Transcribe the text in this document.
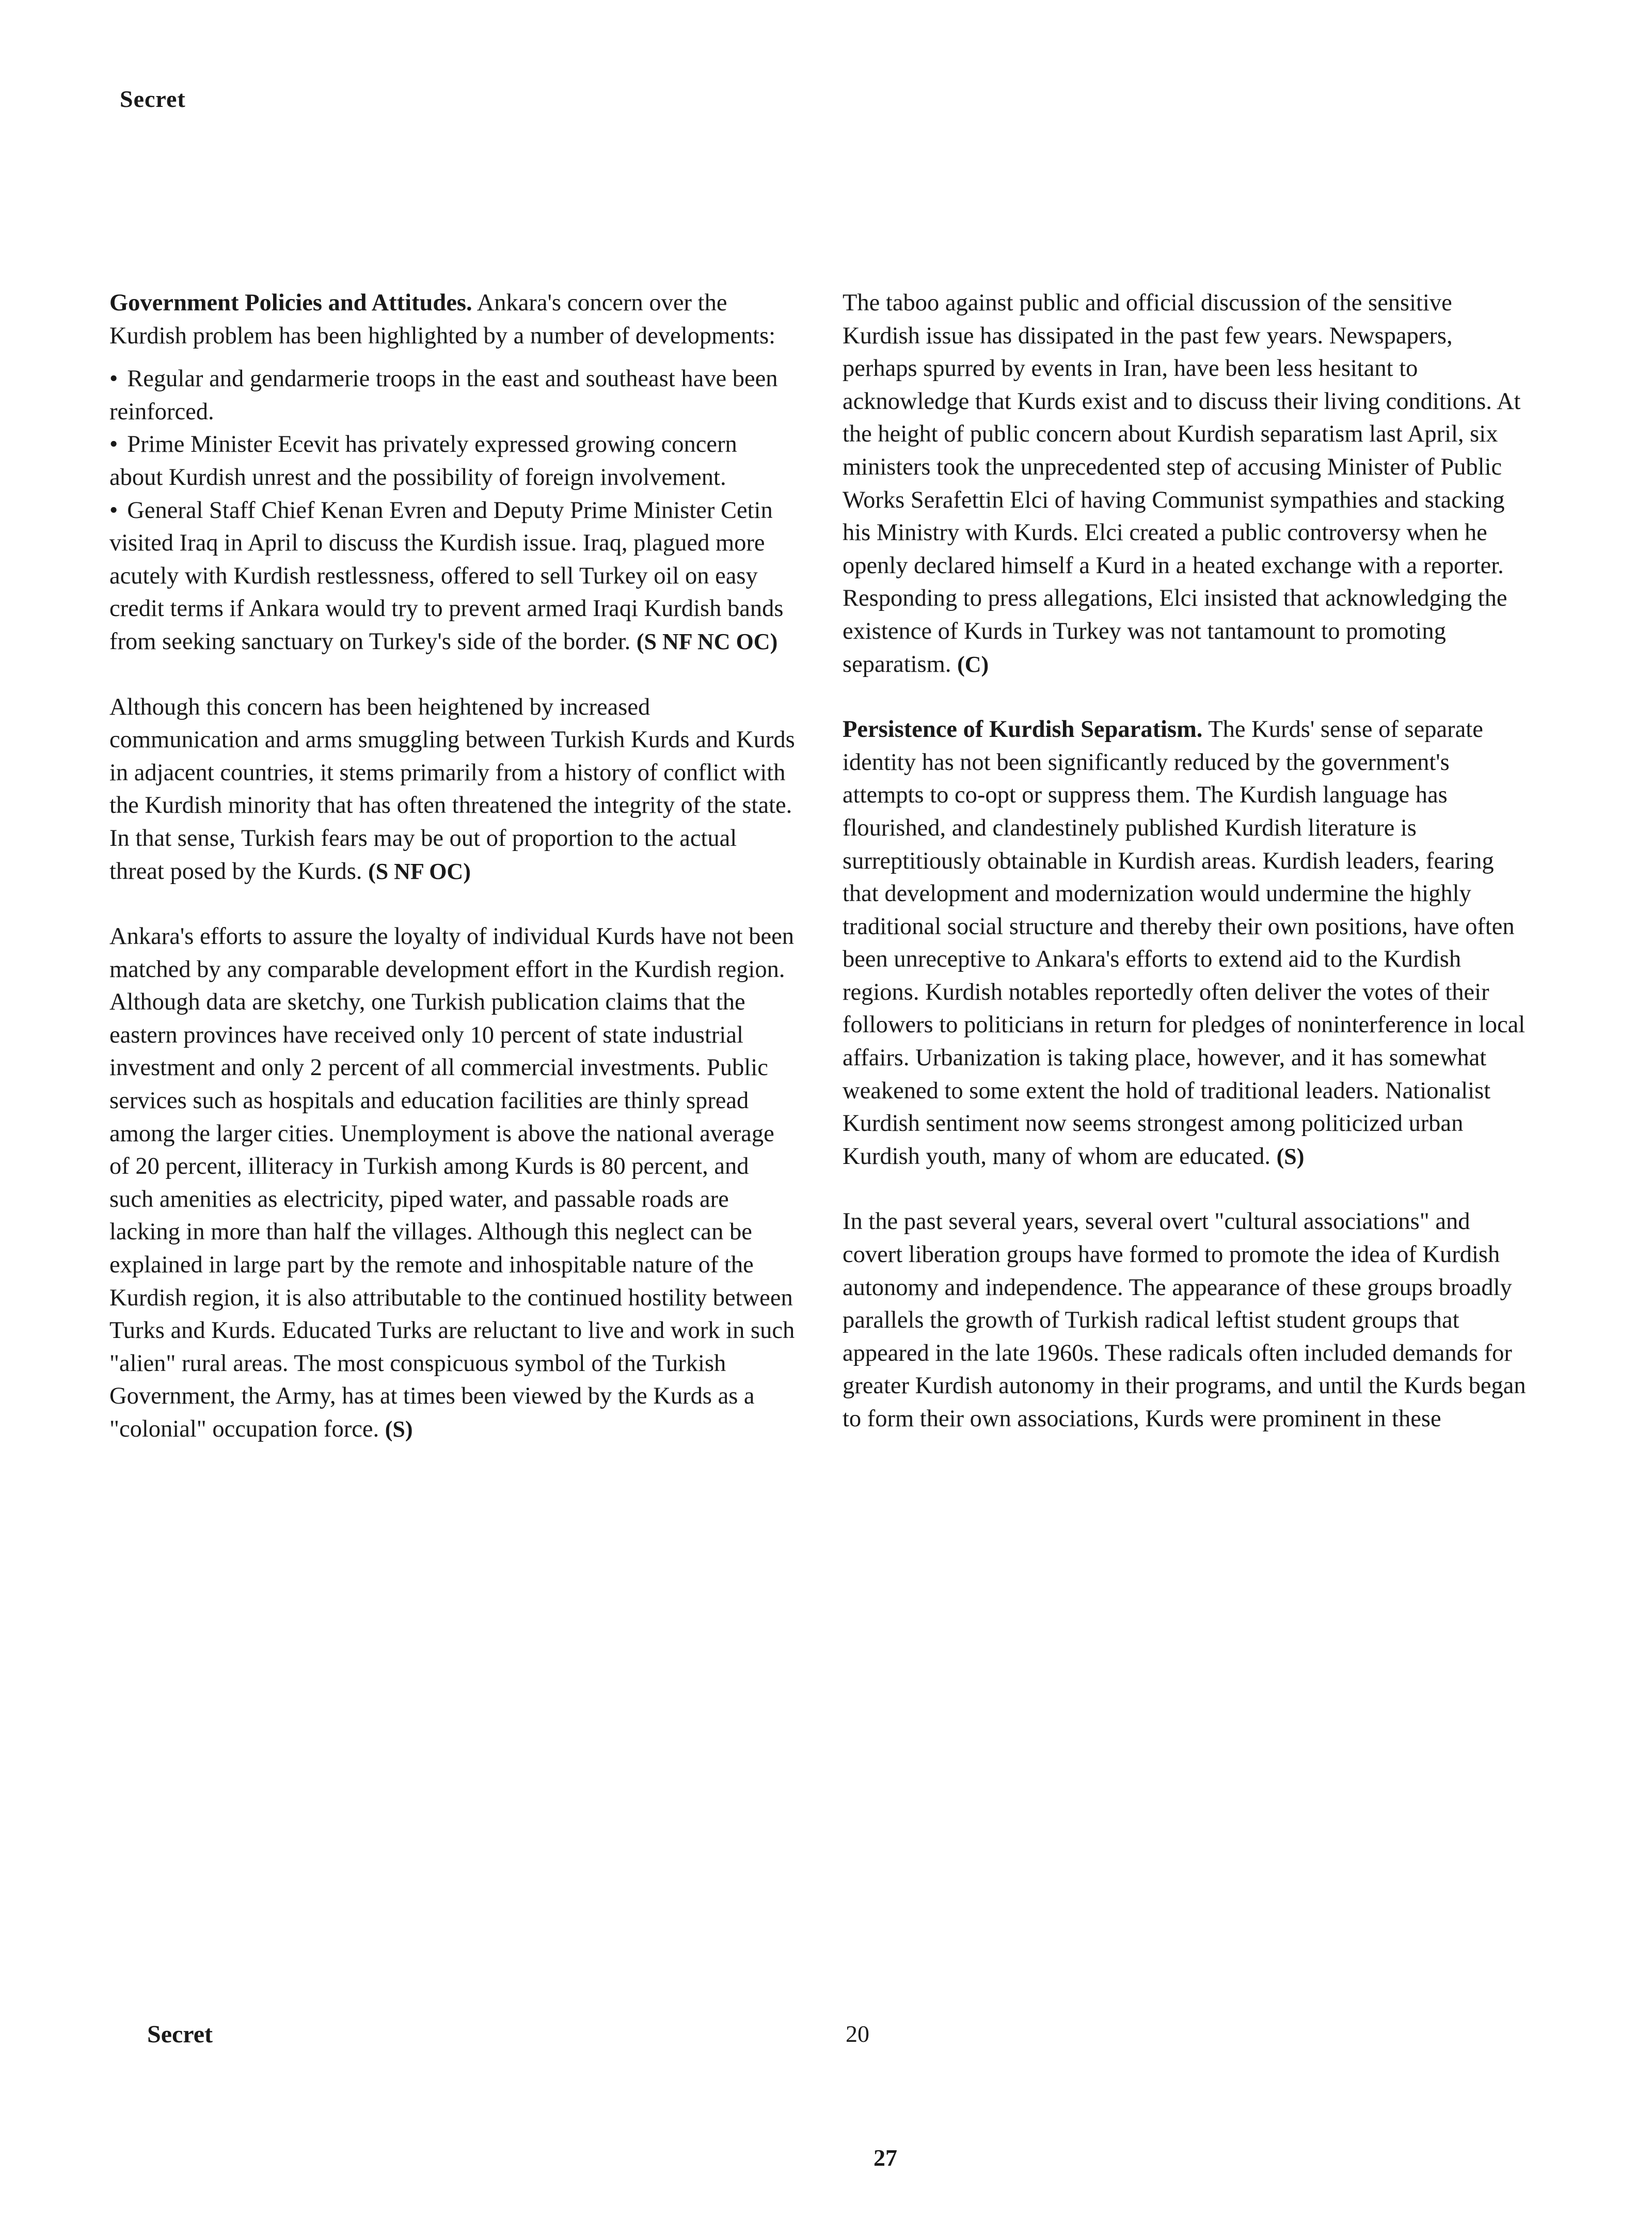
Secret

Government Policies and Attitudes. Ankara's concern over the Kurdish problem has been highlighted by a number of developments:

• Regular and gendarmerie troops in the east and southeast have been reinforced.
• Prime Minister Ecevit has privately expressed growing concern about Kurdish unrest and the possibility of foreign involvement.
• General Staff Chief Kenan Evren and Deputy Prime Minister Cetin visited Iraq in April to discuss the Kurdish issue. Iraq, plagued more acutely with Kurdish restlessness, offered to sell Turkey oil on easy credit terms if Ankara would try to prevent armed Iraqi Kurdish bands from seeking sanctuary on Turkey's side of the border. (S NF NC OC)

Although this concern has been heightened by increased communication and arms smuggling between Turkish Kurds and Kurds in adjacent countries, it stems primarily from a history of conflict with the Kurdish minority that has often threatened the integrity of the state. In that sense, Turkish fears may be out of proportion to the actual threat posed by the Kurds. (S NF OC)

Ankara's efforts to assure the loyalty of individual Kurds have not been matched by any comparable development effort in the Kurdish region. Although data are sketchy, one Turkish publication claims that the eastern provinces have received only 10 percent of state industrial investment and only 2 percent of all commercial investments. Public services such as hospitals and education facilities are thinly spread among the larger cities. Unemployment is above the national average of 20 percent, illiteracy in Turkish among Kurds is 80 percent, and such amenities as electricity, piped water, and passable roads are lacking in more than half the villages. Although this neglect can be explained in large part by the remote and inhospitable nature of the Kurdish region, it is also attributable to the continued hostility between Turks and Kurds. Educated Turks are reluctant to live and work in such "alien" rural areas. The most conspicuous symbol of the Turkish Government, the Army, has at times been viewed by the Kurds as a "colonial" occupation force. (S)

The taboo against public and official discussion of the sensitive Kurdish issue has dissipated in the past few years. Newspapers, perhaps spurred by events in Iran, have been less hesitant to acknowledge that Kurds exist and to discuss their living conditions. At the height of public concern about Kurdish separatism last April, six ministers took the unprecedented step of accusing Minister of Public Works Serafettin Elci of having Communist sympathies and stacking his Ministry with Kurds. Elci created a public controversy when he openly declared himself a Kurd in a heated exchange with a reporter. Responding to press allegations, Elci insisted that acknowledging the existence of Kurds in Turkey was not tantamount to promoting separatism. (C)

Persistence of Kurdish Separatism. The Kurds' sense of separate identity has not been significantly reduced by the government's attempts to co-opt or suppress them. The Kurdish language has flourished, and clandestinely published Kurdish literature is surreptitiously obtainable in Kurdish areas. Kurdish leaders, fearing that development and modernization would undermine the highly traditional social structure and thereby their own positions, have often been unreceptive to Ankara's efforts to extend aid to the Kurdish regions. Kurdish notables reportedly often deliver the votes of their followers to politicians in return for pledges of noninterference in local affairs. Urbanization is taking place, however, and it has somewhat weakened to some extent the hold of traditional leaders. Nationalist Kurdish sentiment now seems strongest among politicized urban Kurdish youth, many of whom are educated. (S)

In the past several years, several overt "cultural associations" and covert liberation groups have formed to promote the idea of Kurdish autonomy and independence. The appearance of these groups broadly parallels the growth of Turkish radical leftist student groups that appeared in the late 1960s. These radicals often included demands for greater Kurdish autonomy in their programs, and until the Kurds began to form their own associations, Kurds were prominent in these

Secret	20
27
